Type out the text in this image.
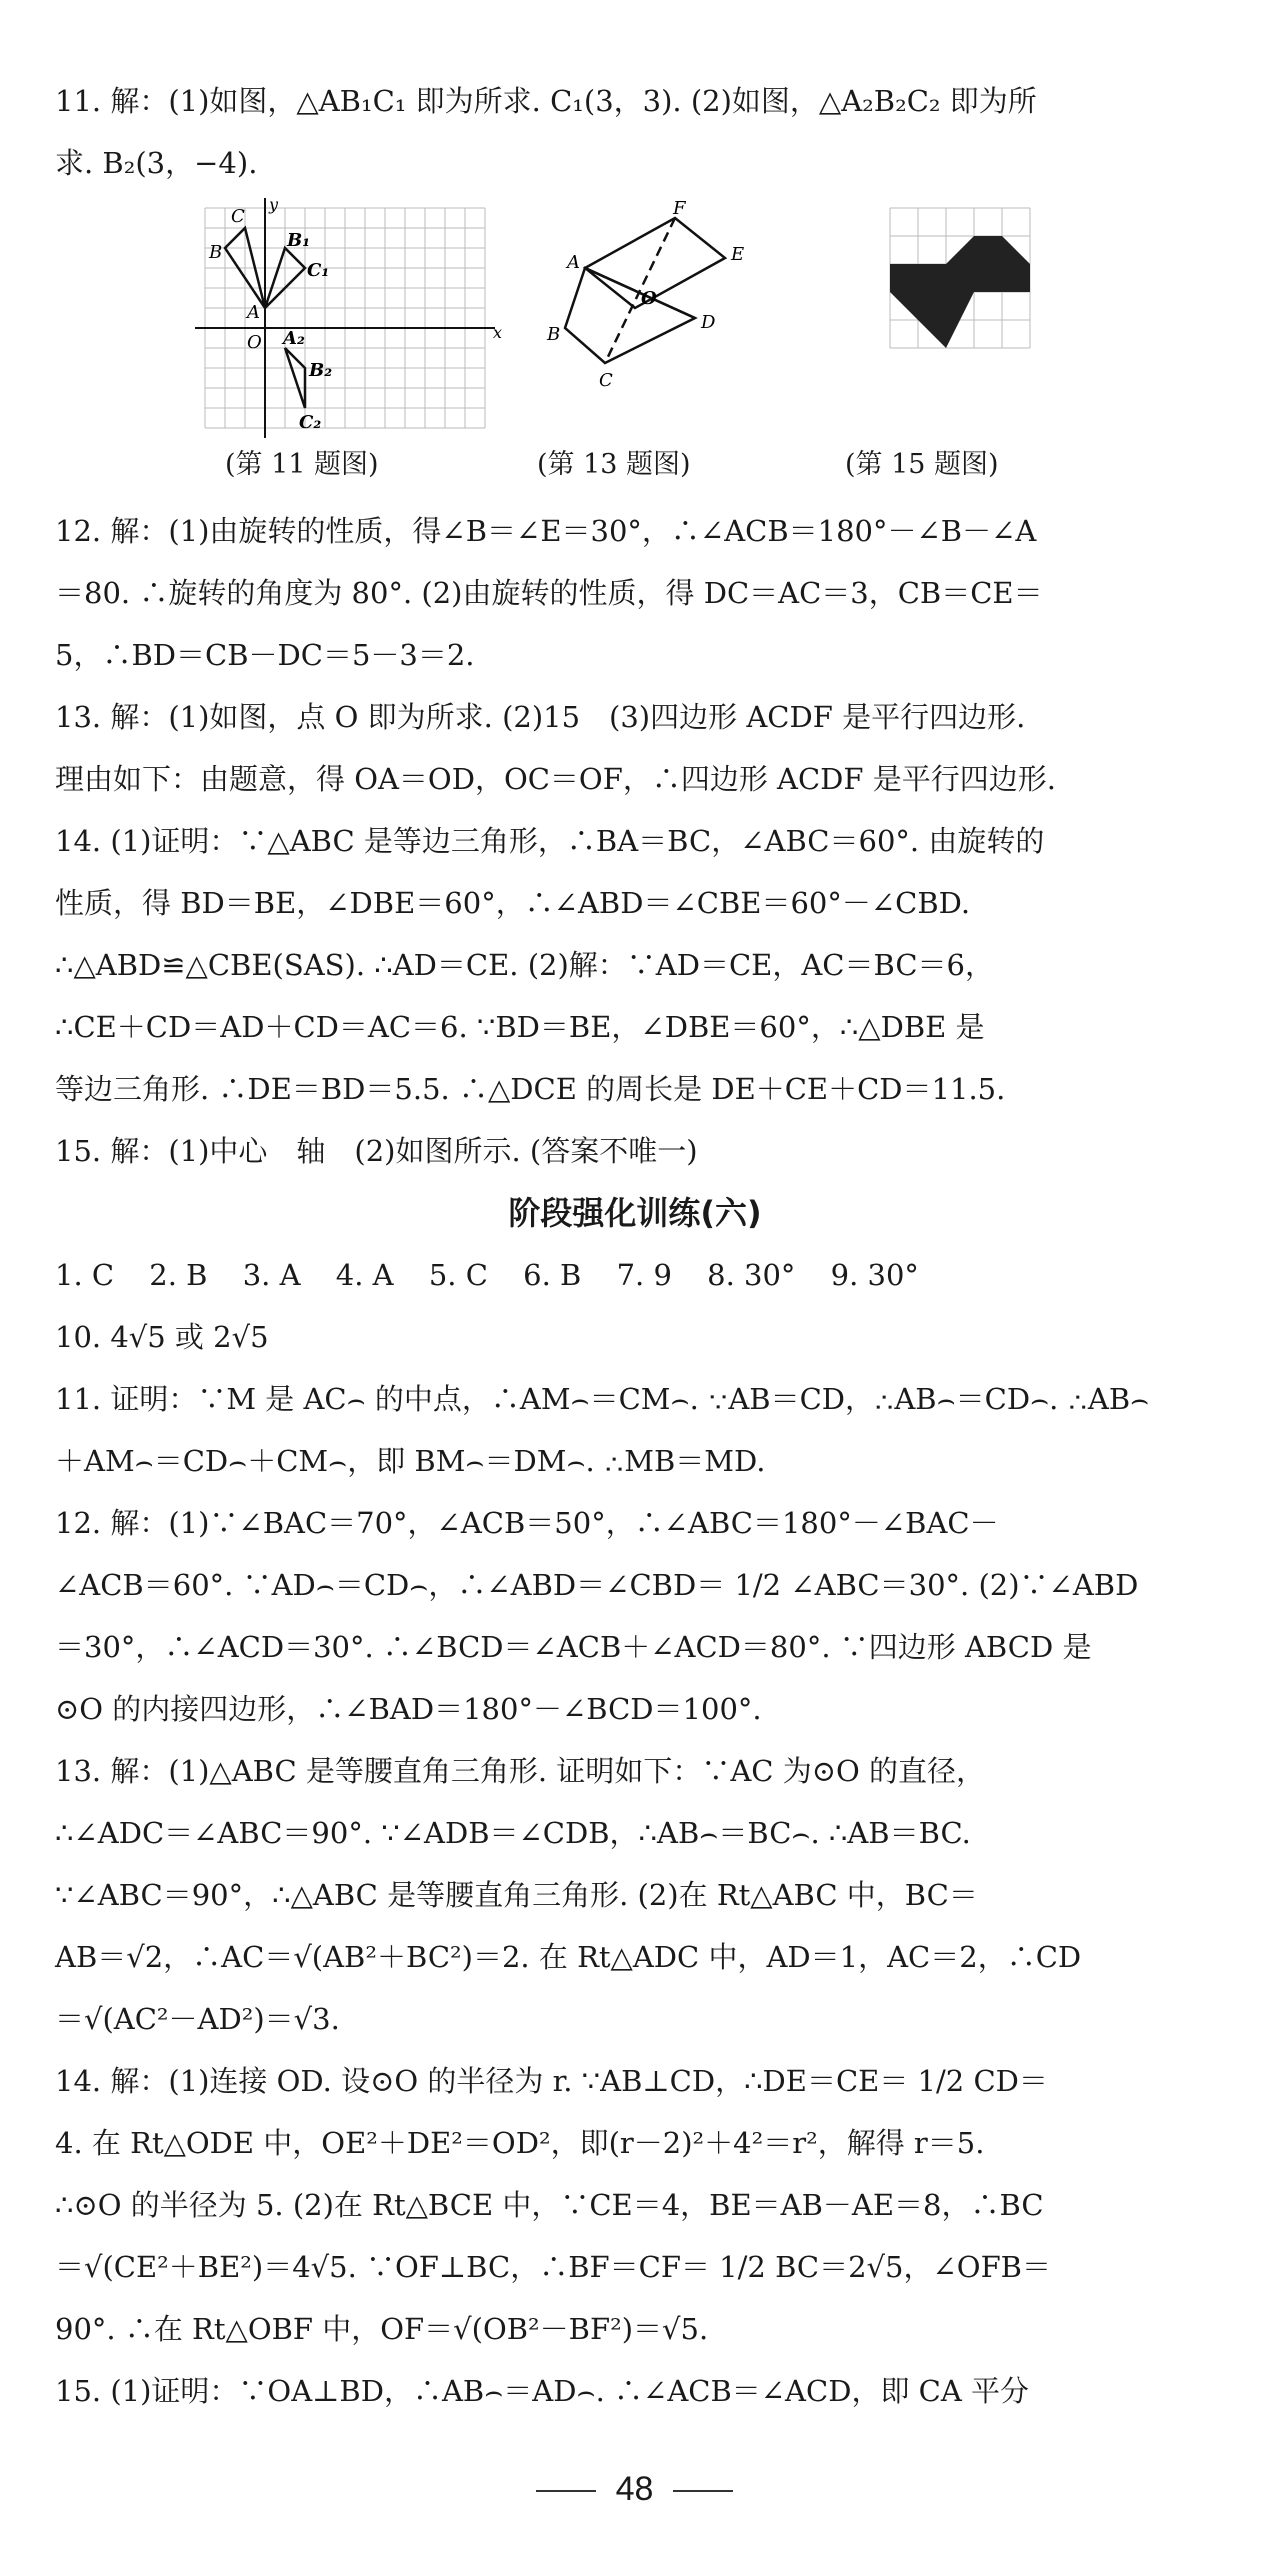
11. 解：(1)如图，△AB₁C₁ 即为所求. C₁(3，3). (2)如图，△A₂B₂C₂ 即为所

求. B₂(3，−4).

C
B
A
B₁
C₁
O A₂
B₂
C₂
x
y
A
B
C
D
E
F
O
(第 11 题图)	(第 13 题图)	(第 15 题图)

12. 解：(1)由旋转的性质，得∠B＝∠E＝30°，∴∠ACB＝180°－∠B－∠A

＝80. ∴旋转的角度为 80°. (2)由旋转的性质，得 DC＝AC＝3，CB＝CE＝

5，∴BD＝CB－DC＝5－3＝2.

13. 解：(1)如图，点 O 即为所求. (2)15　(3)四边形 ACDF 是平行四边形.

理由如下：由题意，得 OA＝OD，OC＝OF，∴四边形 ACDF 是平行四边形.

14. (1)证明：∵△ABC 是等边三角形，∴BA＝BC，∠ABC＝60°. 由旋转的

性质，得 BD＝BE，∠DBE＝60°，∴∠ABD＝∠CBE＝60°－∠CBD.

∴△ABD≌△CBE(SAS). ∴AD＝CE. (2)解：∵AD＝CE，AC＝BC＝6，

∴CE＋CD＝AD＋CD＝AC＝6. ∵BD＝BE，∠DBE＝60°，∴△DBE 是

等边三角形. ∴DE＝BD＝5.5. ∴△DCE 的周长是 DE＋CE＋CD＝11.5.

15. 解：(1)中心　轴　(2)如图所示. (答案不唯一)

阶段强化训练(六)

1. C 2. B 3. A 4. A 5. C 6. B 7. 9 8. 30° 9. 30°

10. 4√5 或 2√5

11. 证明：∵M 是 AC⌢ 的中点，∴AM⌢＝CM⌢. ∵AB＝CD，∴AB⌢＝CD⌢. ∴AB⌢

＋AM⌢＝CD⌢＋CM⌢，即 BM⌢＝DM⌢. ∴MB＝MD.

12. 解：(1)∵∠BAC＝70°，∠ACB＝50°，∴∠ABC＝180°－∠BAC－

∠ACB＝60°. ∵AD⌢＝CD⌢，∴∠ABD＝∠CBD＝ 1/2 ∠ABC＝30°. (2)∵∠ABD

＝30°，∴∠ACD＝30°. ∴∠BCD＝∠ACB＋∠ACD＝80°. ∵四边形 ABCD 是

⊙O 的内接四边形，∴∠BAD＝180°－∠BCD＝100°.

13. 解：(1)△ABC 是等腰直角三角形. 证明如下：∵AC 为⊙O 的直径，

∴∠ADC＝∠ABC＝90°. ∵∠ADB＝∠CDB，∴AB⌢＝BC⌢. ∴AB＝BC.

∵∠ABC＝90°，∴△ABC 是等腰直角三角形. (2)在 Rt△ABC 中，BC＝

AB＝√2，∴AC＝√(AB²＋BC²)＝2. 在 Rt△ADC 中，AD＝1，AC＝2，∴CD

＝√(AC²－AD²)＝√3.

14. 解：(1)连接 OD. 设⊙O 的半径为 r. ∵AB⊥CD，∴DE＝CE＝ 1/2 CD＝

4. 在 Rt△ODE 中，OE²＋DE²＝OD²，即(r－2)²＋4²＝r²，解得 r＝5.

∴⊙O 的半径为 5. (2)在 Rt△BCE 中，∵CE＝4，BE＝AB－AE＝8，∴BC

＝√(CE²＋BE²)＝4√5. ∵OF⊥BC，∴BF＝CF＝ 1/2 BC＝2√5，∠OFB＝

90°. ∴在 Rt△OBF 中，OF＝√(OB²－BF²)＝√5.

15. (1)证明：∵OA⊥BD，∴AB⌢＝AD⌢. ∴∠ACB＝∠ACD，即 CA 平分

48
